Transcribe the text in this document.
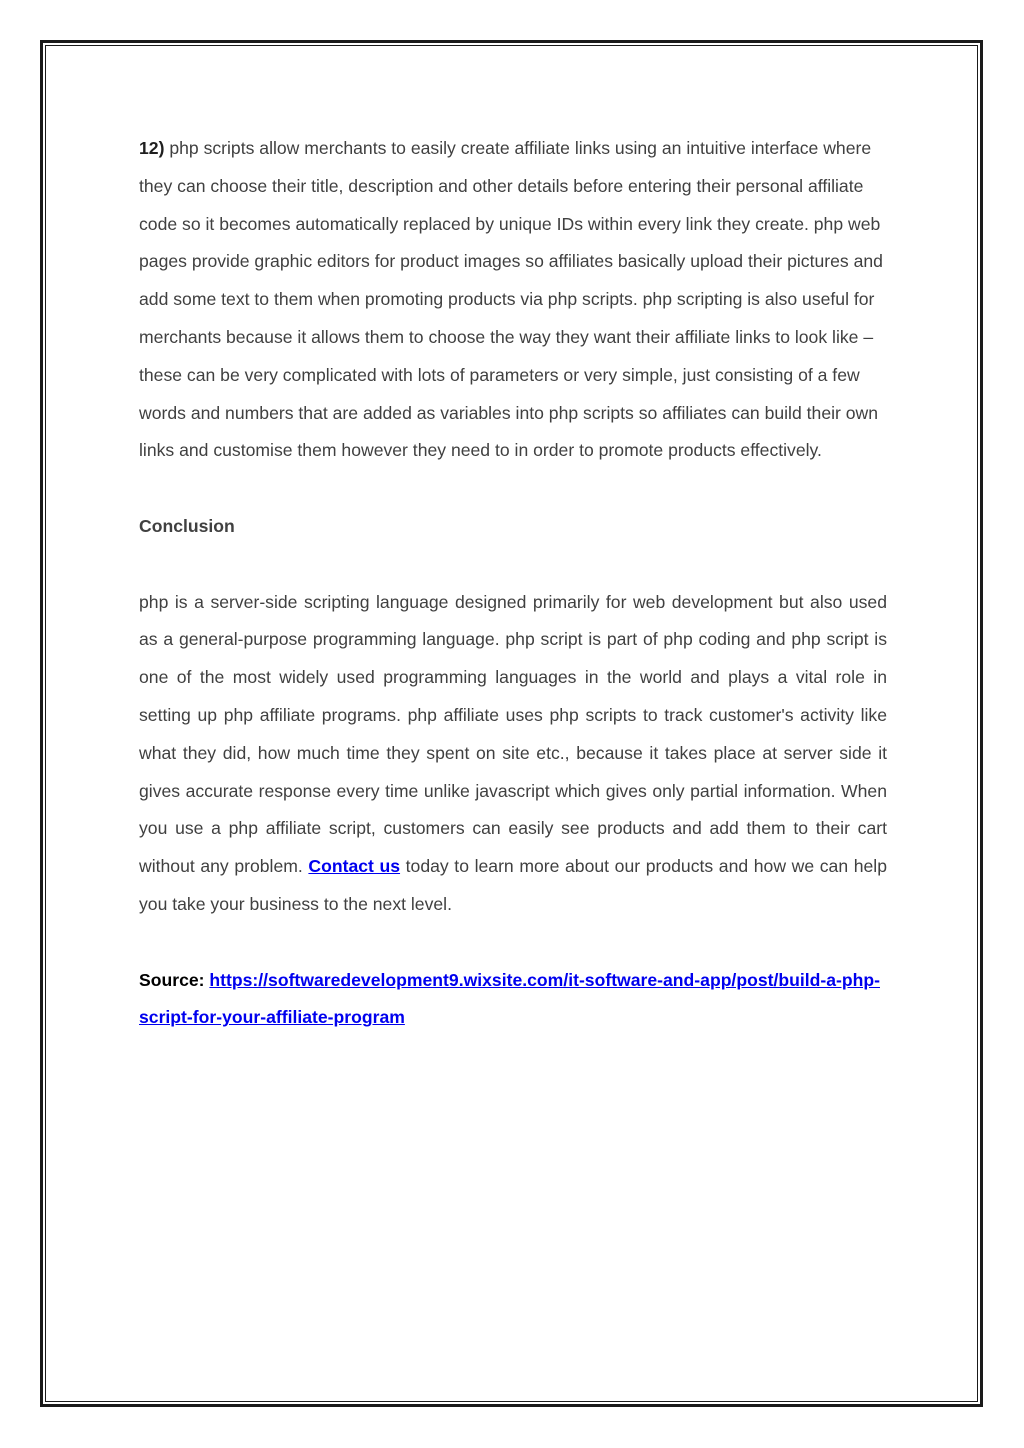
12) php scripts allow merchants to easily create affiliate links using an intuitive interface where they can choose their title, description and other details before entering their personal affiliate code so it becomes automatically replaced by unique IDs within every link they create. php web pages provide graphic editors for product images so affiliates basically upload their pictures and add some text to them when promoting products via php scripts. php scripting is also useful for merchants because it allows them to choose the way they want their affiliate links to look like – these can be very complicated with lots of parameters or very simple, just consisting of a few words and numbers that are added as variables into php scripts so affiliates can build their own links and customise them however they need to in order to promote products effectively.

Conclusion

php is a server-side scripting language designed primarily for web development but also used as a general-purpose programming language. php script is part of php coding and php script is one of the most widely used programming languages in the world and plays a vital role in setting up php affiliate programs. php affiliate uses php scripts to track customer's activity like what they did, how much time they spent on site etc., because it takes place at server side it gives accurate response every time unlike javascript which gives only partial information. When you use a php affiliate script, customers can easily see products and add them to their cart without any problem. Contact us today to learn more about our products and how we can help you take your business to the next level.

Source: https://softwaredevelopment9.wixsite.com/it-software-and-app/post/build-a-php-script-for-your-affiliate-program
